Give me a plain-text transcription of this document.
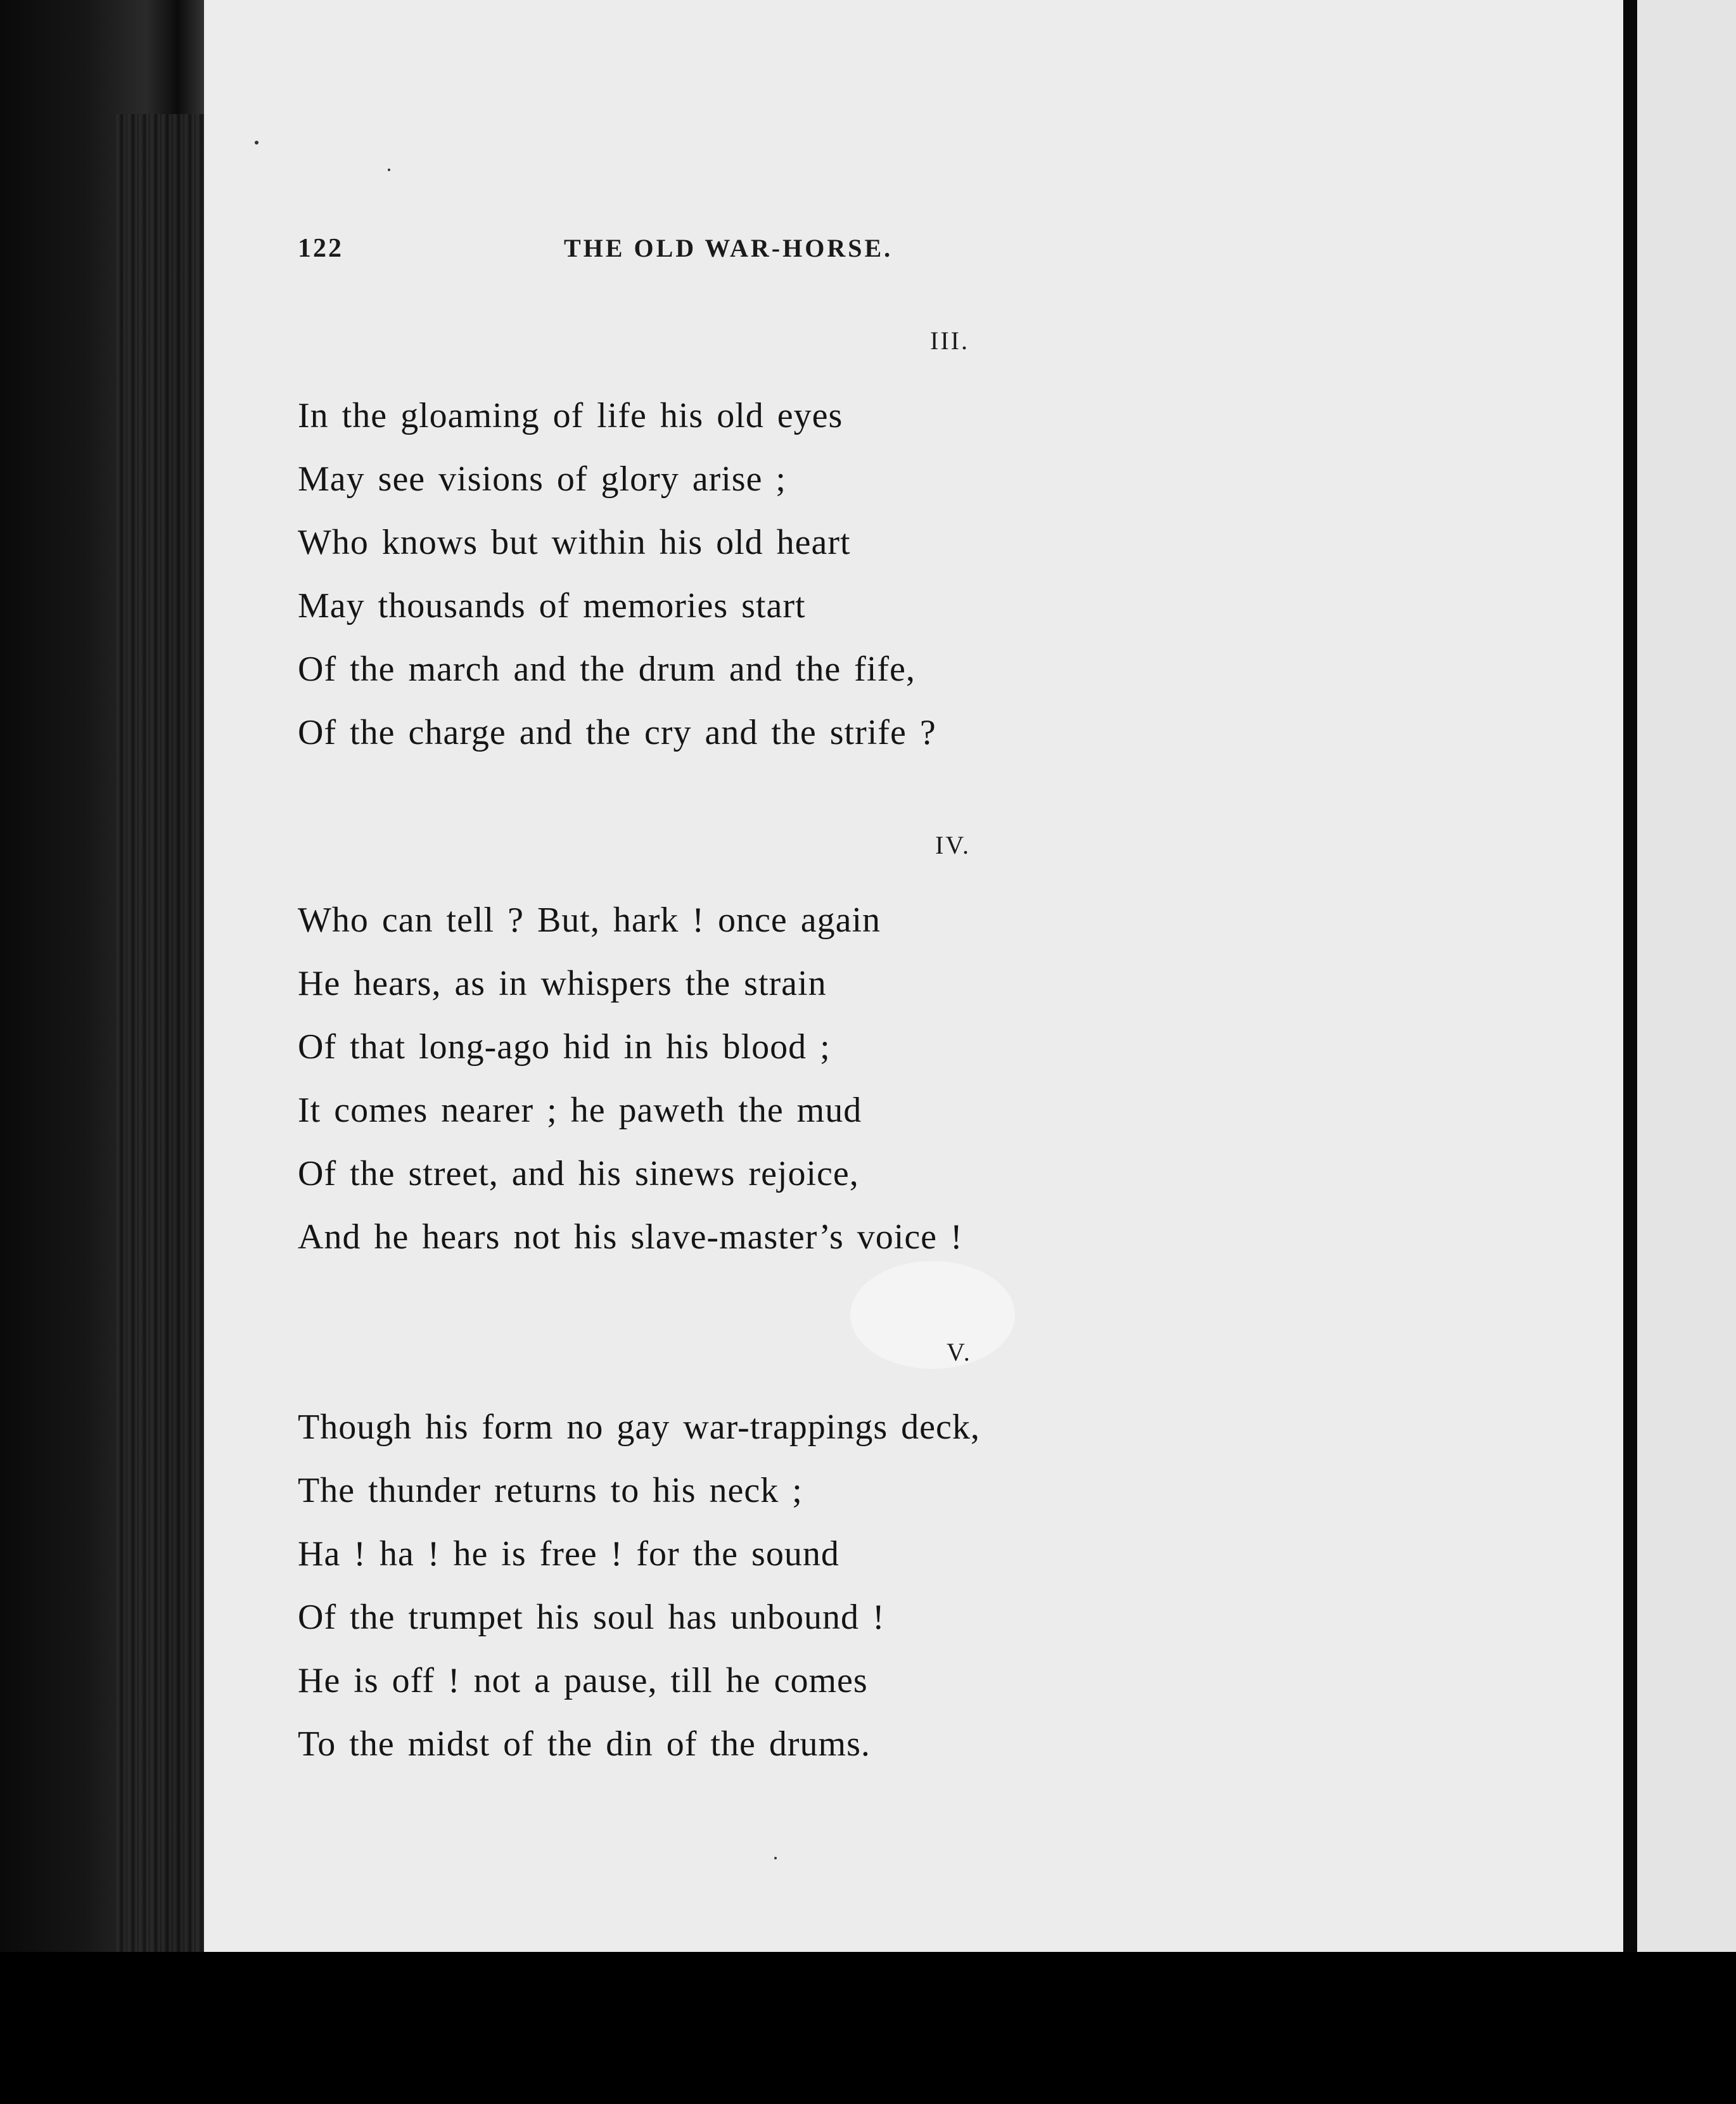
122	THE OLD WAR-HORSE.
III.
In the gloaming of life his old eyes
May see visions of glory arise ;
Who knows but within his old heart
May thousands of memories start
Of the march and the drum and the fife,
Of the charge and the cry and the strife ?
IV.
Who can tell ? But, hark ! once again
He hears, as in whispers the strain
Of that long-ago hid in his blood ;
It comes nearer ; he paweth the mud
Of the street, and his sinews rejoice,
And he hears not his slave-master’s voice !
V.
Though his form no gay war-trappings deck,
The thunder returns to his neck ;
Ha ! ha ! he is free ! for the sound
Of the trumpet his soul has unbound !
He is off ! not a pause, till he comes
To the midst of the din of the drums.
